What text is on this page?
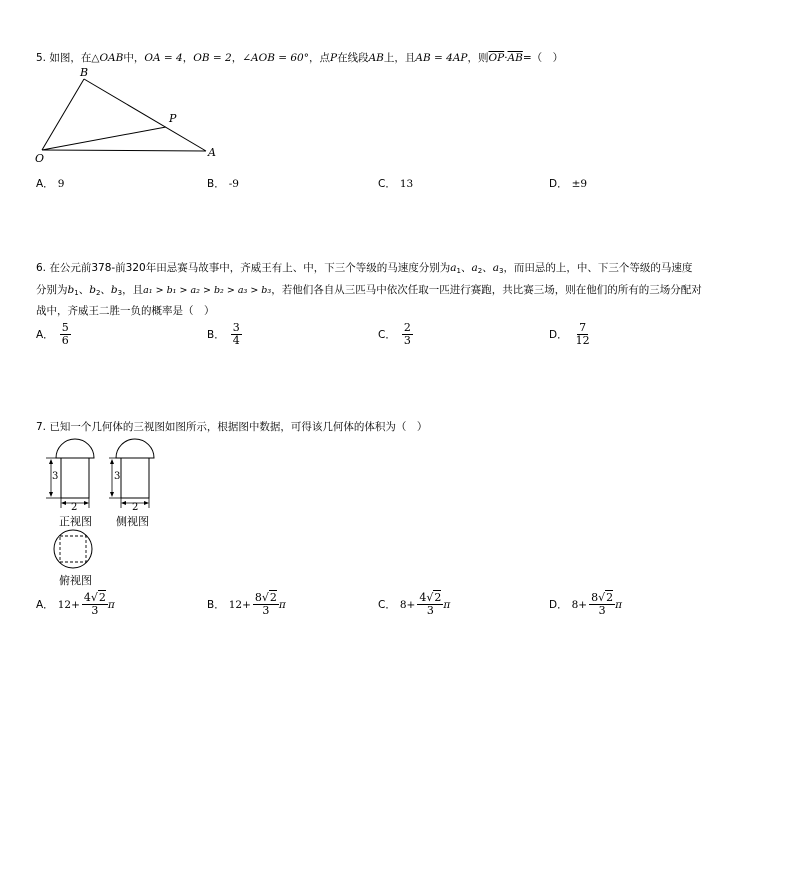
5. 如图，在△OAB中，OA = 4，OB = 2，∠AOB = 60°，点P在线段AB上，且AB = 4AP，则$\overline{OP}\cdot\overline{AB}=$（　）
B
P
O	A
A． 9	B． -9	C． 13	D． ±9
6. 在公元前378-前320年田忌赛马故事中，齐威王有上、中，下三个等级的马速度分别为$a_1$、$a_2$、$a_3$，而田忌的上，中、下三个等级的马速度
分别为$b_1$、$b_2$、$b_3$，且a₁ > b₁ > a₂ > b₂ > a₃ > b₃，若他们各自从三匹马中依次任取一匹进行赛跑，共比赛三场，则在他们的所有的三场分配对
战中，齐威王二胜一负的概率是（　）
A． $\frac{5}{6}$	B． $\frac{3}{4}$	C． $\frac{2}{3}$	D． $\frac{7}{12}$
7. 已知一个几何体的三视图如图所示，根据图中数据，可得该几何体的体积为（　）
3
2
3
2
正视图 侧视图
俯视图
A． $12 + \frac{4√2}{3}$ π	B． $12 + \frac{8√2}{3}$ π	C． $8 + \frac{4√2}{3}$ π	D． $8 + \frac{8√2}{3}$ π
